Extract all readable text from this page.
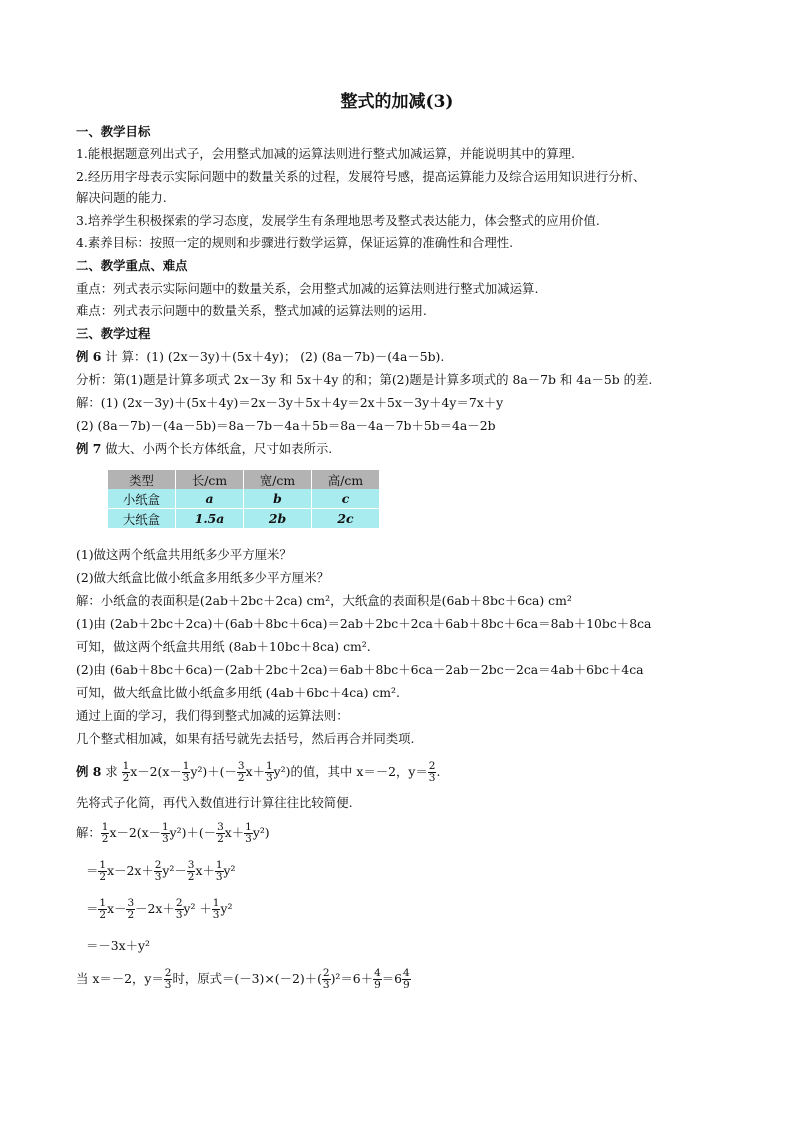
整式的加减(3)
一、教学目标
1.能根据题意列出式子，会用整式加减的运算法则进行整式加减运算，并能说明其中的算理.
2.经历用字母表示实际问题中的数量关系的过程，发展符号感，提高运算能力及综合运用知识进行分析、
解决问题的能力.
3.培养学生积极探索的学习态度，发展学生有条理地思考及整式表达能力，体会整式的应用价值.
4.素养目标：按照一定的规则和步骤进行数学运算，保证运算的准确性和合理性.
二、教学重点、难点
重点：列式表示实际问题中的数量关系，会用整式加减的运算法则进行整式加减运算.
难点：列式表示问题中的数量关系，整式加减的运算法则的运用.
三、教学过程
例 6 计 算：(1) (2x－3y)＋(5x＋4y)； (2) (8a－7b)－(4a－5b).
分析：第(1)题是计算多项式 2x－3y 和 5x＋4y 的和；第(2)题是计算多项式的 8a－7b 和 4a－5b 的差.
解：(1) (2x－3y)＋(5x＋4y)＝2x－3y＋5x＋4y＝2x＋5x－3y＋4y＝7x＋y
(2) (8a－7b)－(4a－5b)＝8a－7b－4a＋5b＝8a－4a－7b＋5b＝4a－2b
例 7 做大、小两个长方体纸盒，尺寸如表所示.
类型	长/cm	宽/cm	高/cm
小纸盒	a	b	c
大纸盒	1.5a	2b	2c
(1)做这两个纸盒共用纸多少平方厘米？
(2)做大纸盒比做小纸盒多用纸多少平方厘米？
解：小纸盒的表面积是(2ab＋2bc＋2ca) cm²，大纸盒的表面积是(6ab＋8bc＋6ca) cm²
(1)由 (2ab＋2bc＋2ca)＋(6ab＋8bc＋6ca)＝2ab＋2bc＋2ca＋6ab＋8bc＋6ca＝8ab＋10bc＋8ca
可知，做这两个纸盒共用纸 (8ab＋10bc＋8ca) cm².
(2)由 (6ab＋8bc＋6ca)－(2ab＋2bc＋2ca)＝6ab＋8bc＋6ca－2ab－2bc－2ca＝4ab＋6bc＋4ca
可知，做大纸盒比做小纸盒多用纸 (4ab＋6bc＋4ca) cm².
通过上面的学习，我们得到整式加减的运算法则：
几个整式相加减，如果有括号就先去括号，然后再合并同类项.
例 8 求 $\frac{1}{2} x-2(x- \frac{1}{3} y^2)+(- \frac{3}{2} x+ \frac{1}{3} y^2)$的值，其中 x＝－2，$y= \frac{2}{3}$ .
先将式子化简，再代入数值进行计算往往比较简便.
解： $\frac{1}{2} x-2(x- \frac{1}{3} y^2)+(- \frac{3}{2} x+ \frac{1}{3} y^2)$
＝ $\frac{1}{2} x-2x+ \frac{2}{3} y^2- \frac{3}{2} x+ \frac{1}{3} y^2$
＝ $\frac{1}{2} x- \frac{3}{2} -2x+ \frac{2}{3} y^2 + \frac{1}{3} y^2$
＝－3x＋y²
当 x＝－2，$y= \frac{2}{3}$ 时，原式$=(-3)\times(-2)+( \frac{2}{3} )^2=6+ \frac{4}{9} =6 \frac{4}{9}$
